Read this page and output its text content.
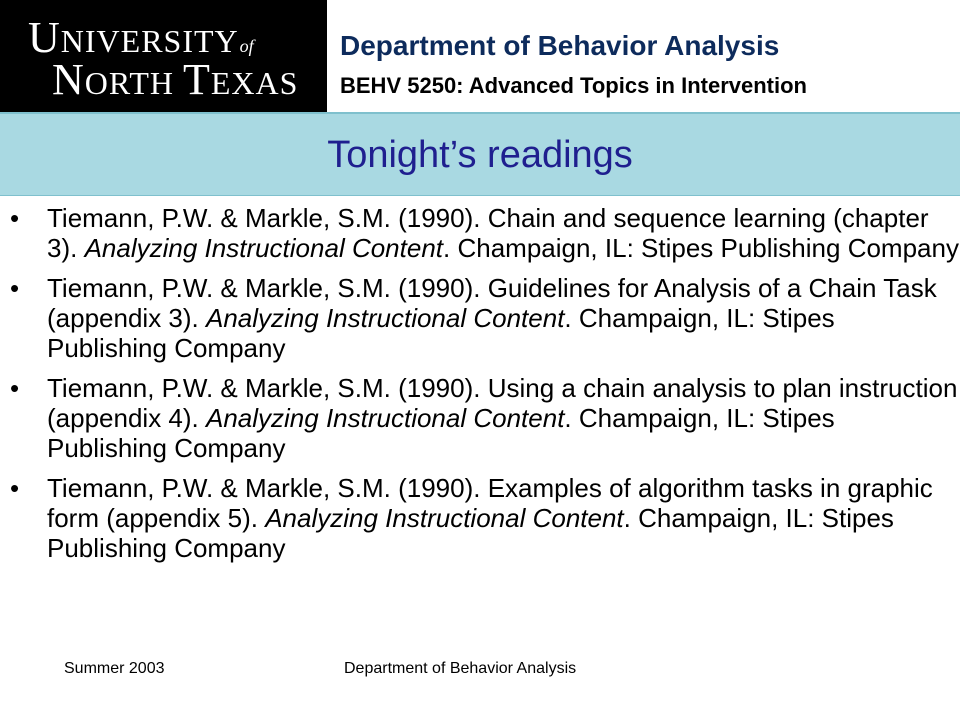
UNIVERSITYof
NORTH TEXAS
Department of Behavior Analysis
BEHV 5250: Advanced Topics in Intervention
Tonight’s readings
• Tiemann, P.W. & Markle, S.M. (1990). Chain and sequence learning (chapter 3). Analyzing Instructional Content. Champaign, IL: Stipes Publishing Company
• Tiemann, P.W. & Markle, S.M. (1990). Guidelines for Analysis of a Chain Task (appendix 3). Analyzing Instructional Content. Champaign, IL: Stipes Publishing Company
• Tiemann, P.W. & Markle, S.M. (1990). Using a chain analysis to plan instruction (appendix 4). Analyzing Instructional Content. Champaign, IL: Stipes Publishing Company
• Tiemann, P.W. & Markle, S.M. (1990). Examples of algorithm tasks in graphic form (appendix 5). Analyzing Instructional Content. Champaign, IL: Stipes Publishing Company
Summer 2003	Department of Behavior Analysis
